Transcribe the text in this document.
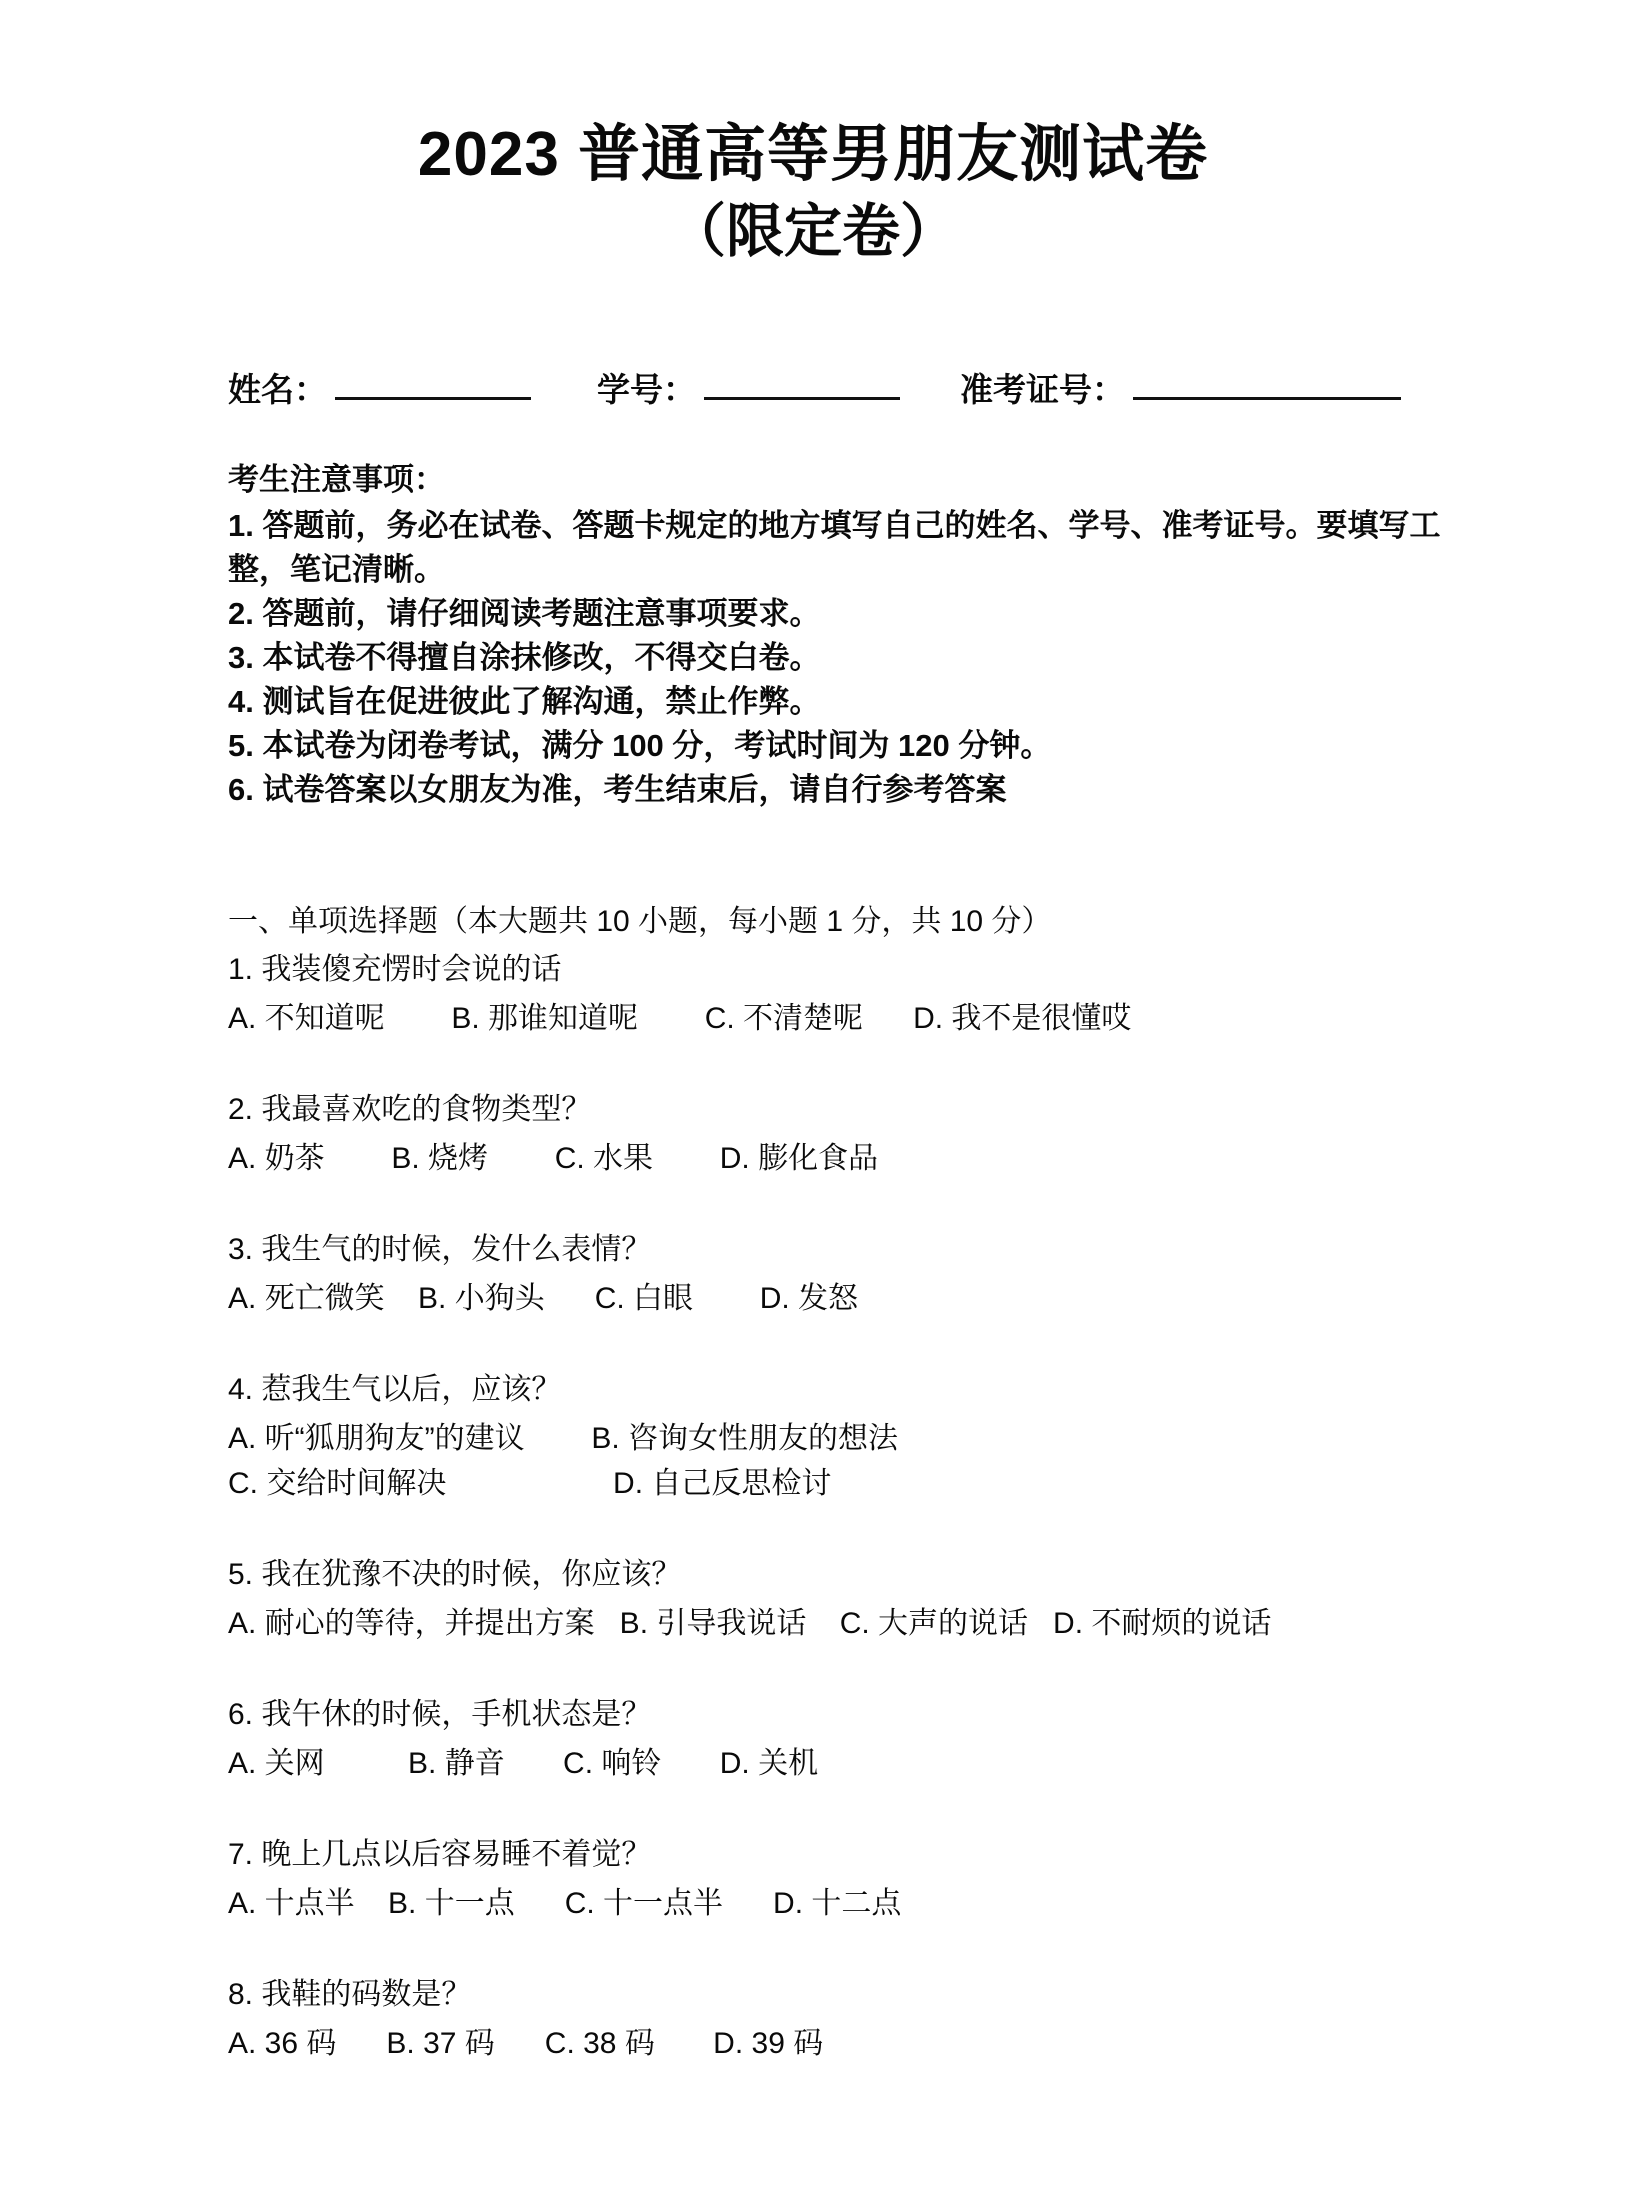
2023 普通高等男朋友测试卷
（限定卷）
姓名：	学号：	准考证号：

考生注意事项：

1. 答题前，务必在试卷、答题卡规定的地方填写自己的姓名、学号、准考证号。要填写工整，笔记清晰。

2. 答题前，请仔细阅读考题注意事项要求。

3. 本试卷不得擅自涂抹修改，不得交白卷。

4. 测试旨在促进彼此了解沟通，禁止作弊。

5. 本试卷为闭卷考试，满分 100 分，考试时间为 120 分钟。

6. 试卷答案以女朋友为准，考生结束后，请自行参考答案

一、单项选择题（本大题共 10 小题，每小题 1 分，共 10 分）

1. 我装傻充愣时会说的话

A. 不知道呢        B. 那谁知道呢        C. 不清楚呢      D. 我不是很懂哎

2. 我最喜欢吃的食物类型？

A. 奶茶        B. 烧烤        C. 水果        D. 膨化食品

3. 我生气的时候，发什么表情？

A. 死亡微笑    B. 小狗头      C. 白眼        D. 发怒

4. 惹我生气以后，应该？

A. 听“狐朋狗友”的建议        B. 咨询女性朋友的想法

C. 交给时间解决                    D. 自己反思检讨

5. 我在犹豫不决的时候，你应该？

A. 耐心的等待，并提出方案   B. 引导我说话    C. 大声的说话   D. 不耐烦的说话

6. 我午休的时候，手机状态是？

A. 关网          B. 静音       C. 响铃       D. 关机

7. 晚上几点以后容易睡不着觉？

A. 十点半    B. 十一点      C. 十一点半      D. 十二点

8. 我鞋的码数是？

A. 36 码      B. 37 码      C. 38 码       D. 39 码
